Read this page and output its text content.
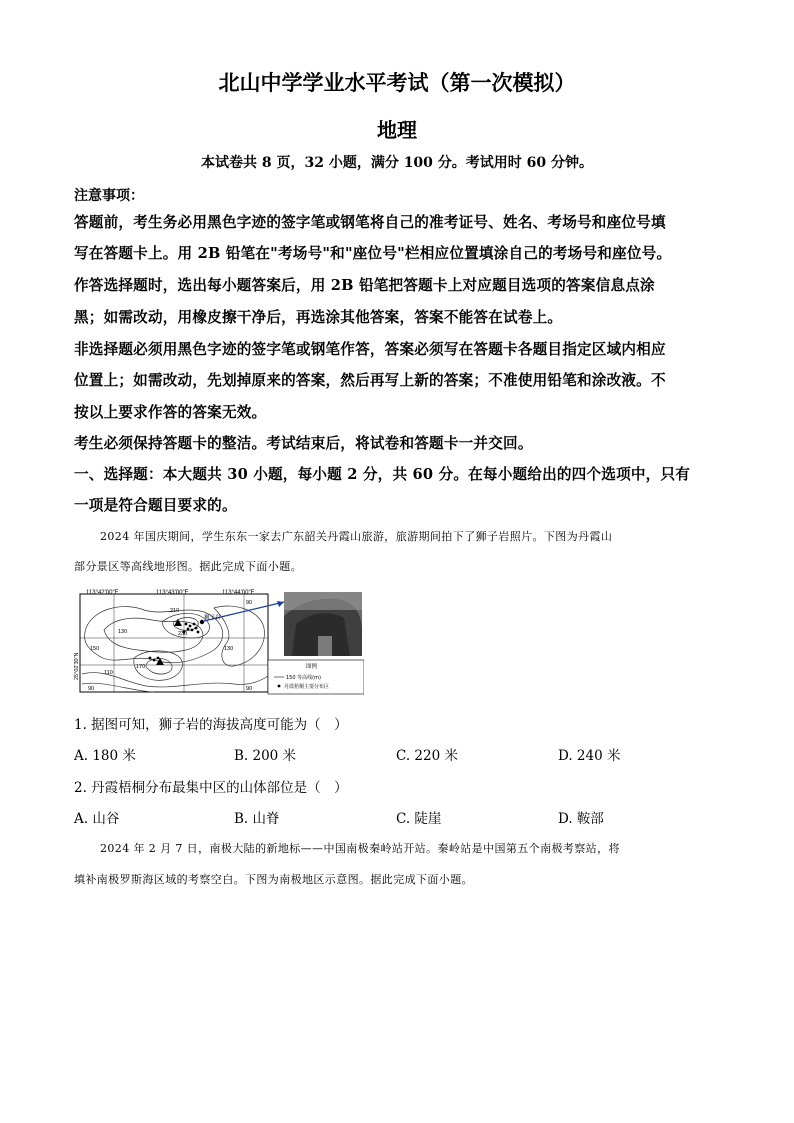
北山中学学业水平考试（第一次模拟）
地理
本试卷共 8 页，32 小题，满分 100 分。考试用时 60 分钟。
注意事项：
答题前，考生务必用黑色字迹的签字笔或钢笔将自己的准考证号、姓名、考场号和座位号填
写在答题卡上。用 2B 铅笔在"考场号"和"座位号"栏相应位置填涂自己的考场号和座位号。
作答选择题时，选出每小题答案后，用 2B 铅笔把答题卡上对应题目选项的答案信息点涂
黑；如需改动，用橡皮擦干净后，再选涂其他答案，答案不能答在试卷上。
非选择题必须用黑色字迹的签字笔或钢笔作答，答案必须写在答题卡各题目指定区域内相应
位置上；如需改动，先划掉原来的答案，然后再写上新的答案；不准使用铅笔和涂改液。不
按以上要求作答的答案无效。
考生必须保持答题卡的整洁。考试结束后，将试卷和答题卡一并交回。
一、选择题：本大题共 30 小题，每小题 2 分，共 60 分。在每小题给出的四个选项中，只有
一项是符合题目要求的。
2024 年国庆期间，学生东东一家去广东韶关丹霞山旅游，旅游期间拍下了狮子岩照片。下图为丹霞山
部分景区等高线地形图。据此完成下面小题。
113°42′00″E	113°43′00″E	113°44′00″E
25°02′30″N
210
130	230
90
170
150	130
110
90	90
狮子岩
图例
150 等高线(m)
丹霞梧桐主要分布区
1. 据图可知，狮子岩的海拔高度可能为（　）
A. 180 米	B. 200 米	C. 220 米	D. 240 米
2. 丹霞梧桐分布最集中区的山体部位是（　）
A. 山谷	B. 山脊	C. 陡崖	D. 鞍部
2024 年 2 月 7 日，南极大陆的新地标——中国南极秦岭站开站。秦岭站是中国第五个南极考察站，将
填补南极罗斯海区域的考察空白。下图为南极地区示意图。据此完成下面小题。
